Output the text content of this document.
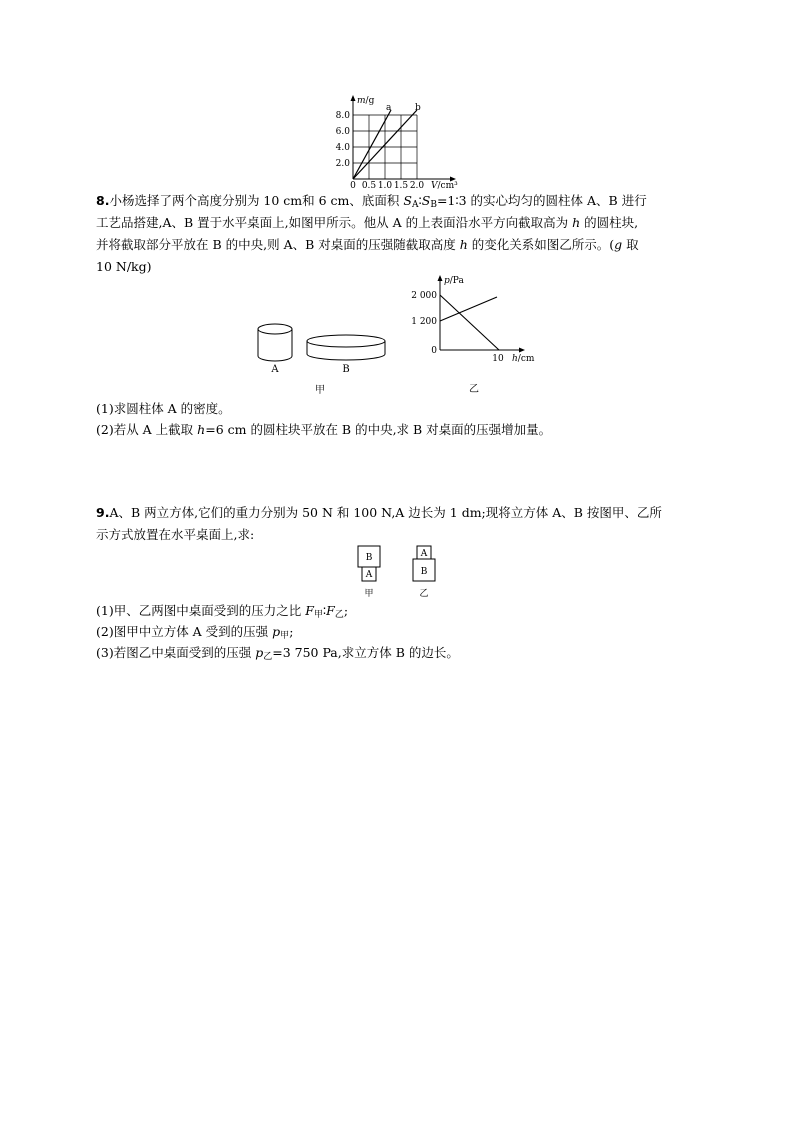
a	b
m/g
V/cm³
8.0
6.0
4.0
2.0
0 0.5 1.0 1.5 2.0
8.小杨选择了两个高度分别为 10 cm和 6 cm、底面积 $S_A∶S_B=1∶3$ 的实心均匀的圆柱体 A、B 进行
工艺品搭建,A、B 置于水平桌面上,如图甲所示。他从 A 的上表面沿水平方向截取高为 h 的圆柱块,
并将截取部分平放在 B 的中央,则 A、B 对桌面的压强随截取高度 h 的变化关系如图乙所示。(g 取
10 N/kg)
A	B
甲
p/Pa
2 000
1 200
0
10 h/cm
乙
(1)求圆柱体 A 的密度。
(2)若从 A 上截取 h=6 cm 的圆柱块平放在 B 的中央,求 B 对桌面的压强增加量。
9.A、B 两立方体,它们的重力分别为 50 N 和 100 N,A 边长为 1 dm;现将立方体 A、B 按图甲、乙所
示方式放置在水平桌面上,求:
B
A
甲
A
B
乙
(1)甲、乙两图中桌面受到的压力之比 $F_甲∶F_乙$;
(2)图甲中立方体 A 受到的压强 $p_甲$;
(3)若图乙中桌面受到的压强 $p_乙=3$ 750 Pa,求立方体 B 的边长。
